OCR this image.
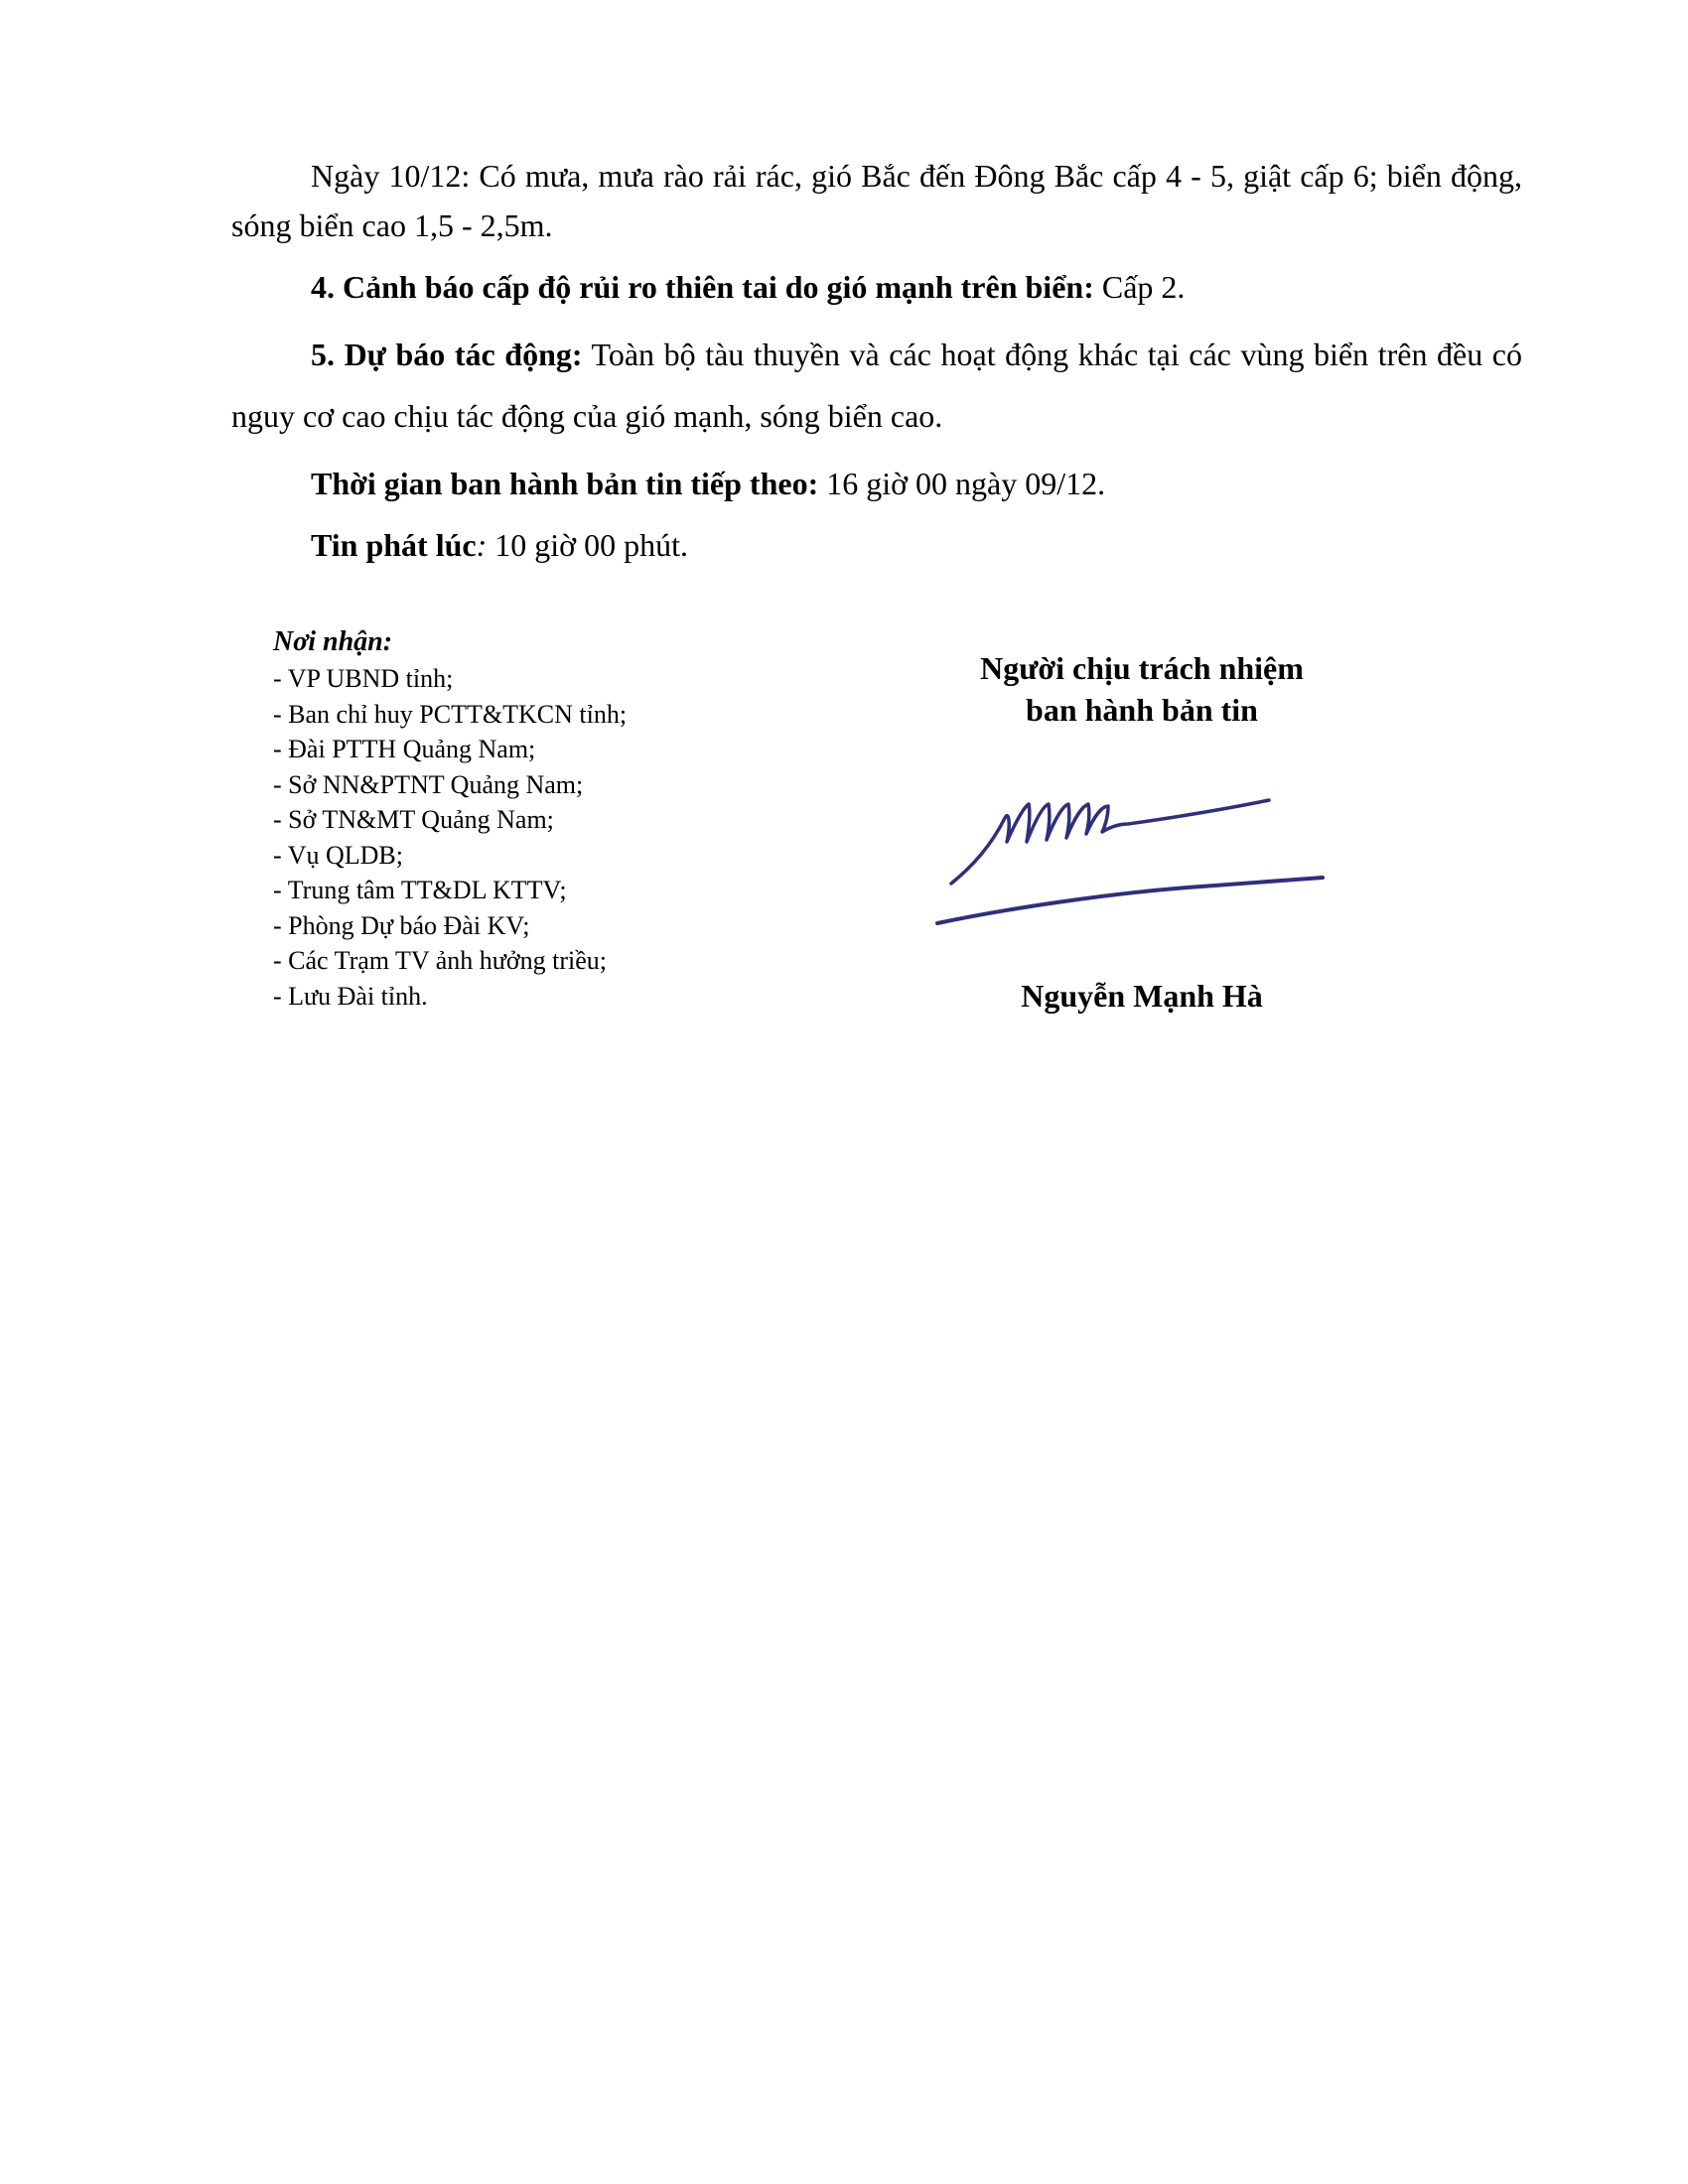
Ngày 10/12: Có mưa, mưa rào rải rác, gió Bắc đến Đông Bắc cấp 4 - 5, giật cấp 6; biển động, sóng biển cao 1,5 - 2,5m.

4. Cảnh báo cấp độ rủi ro thiên tai do gió mạnh trên biển: Cấp 2.

5. Dự báo tác động: Toàn bộ tàu thuyền và các hoạt động khác tại các vùng biển trên đều có nguy cơ cao chịu tác động của gió mạnh, sóng biển cao.

Thời gian ban hành bản tin tiếp theo: 16 giờ 00 ngày 09/12.

Tin phát lúc: 10 giờ 00 phút.

Nơi nhận:
- VP UBND tỉnh;
- Ban chỉ huy PCTT&TKCN tỉnh;
- Đài PTTH Quảng Nam;
- Sở NN&PTNT Quảng Nam;
- Sở TN&MT Quảng Nam;
- Vụ QLDB;
- Trung tâm TT&DL KTTV;
- Phòng Dự báo Đài KV;
- Các Trạm TV ảnh hưởng triều;
- Lưu Đài tỉnh.
Người chịu trách nhiệm
ban hành bản tin
Nguyễn Mạnh Hà
